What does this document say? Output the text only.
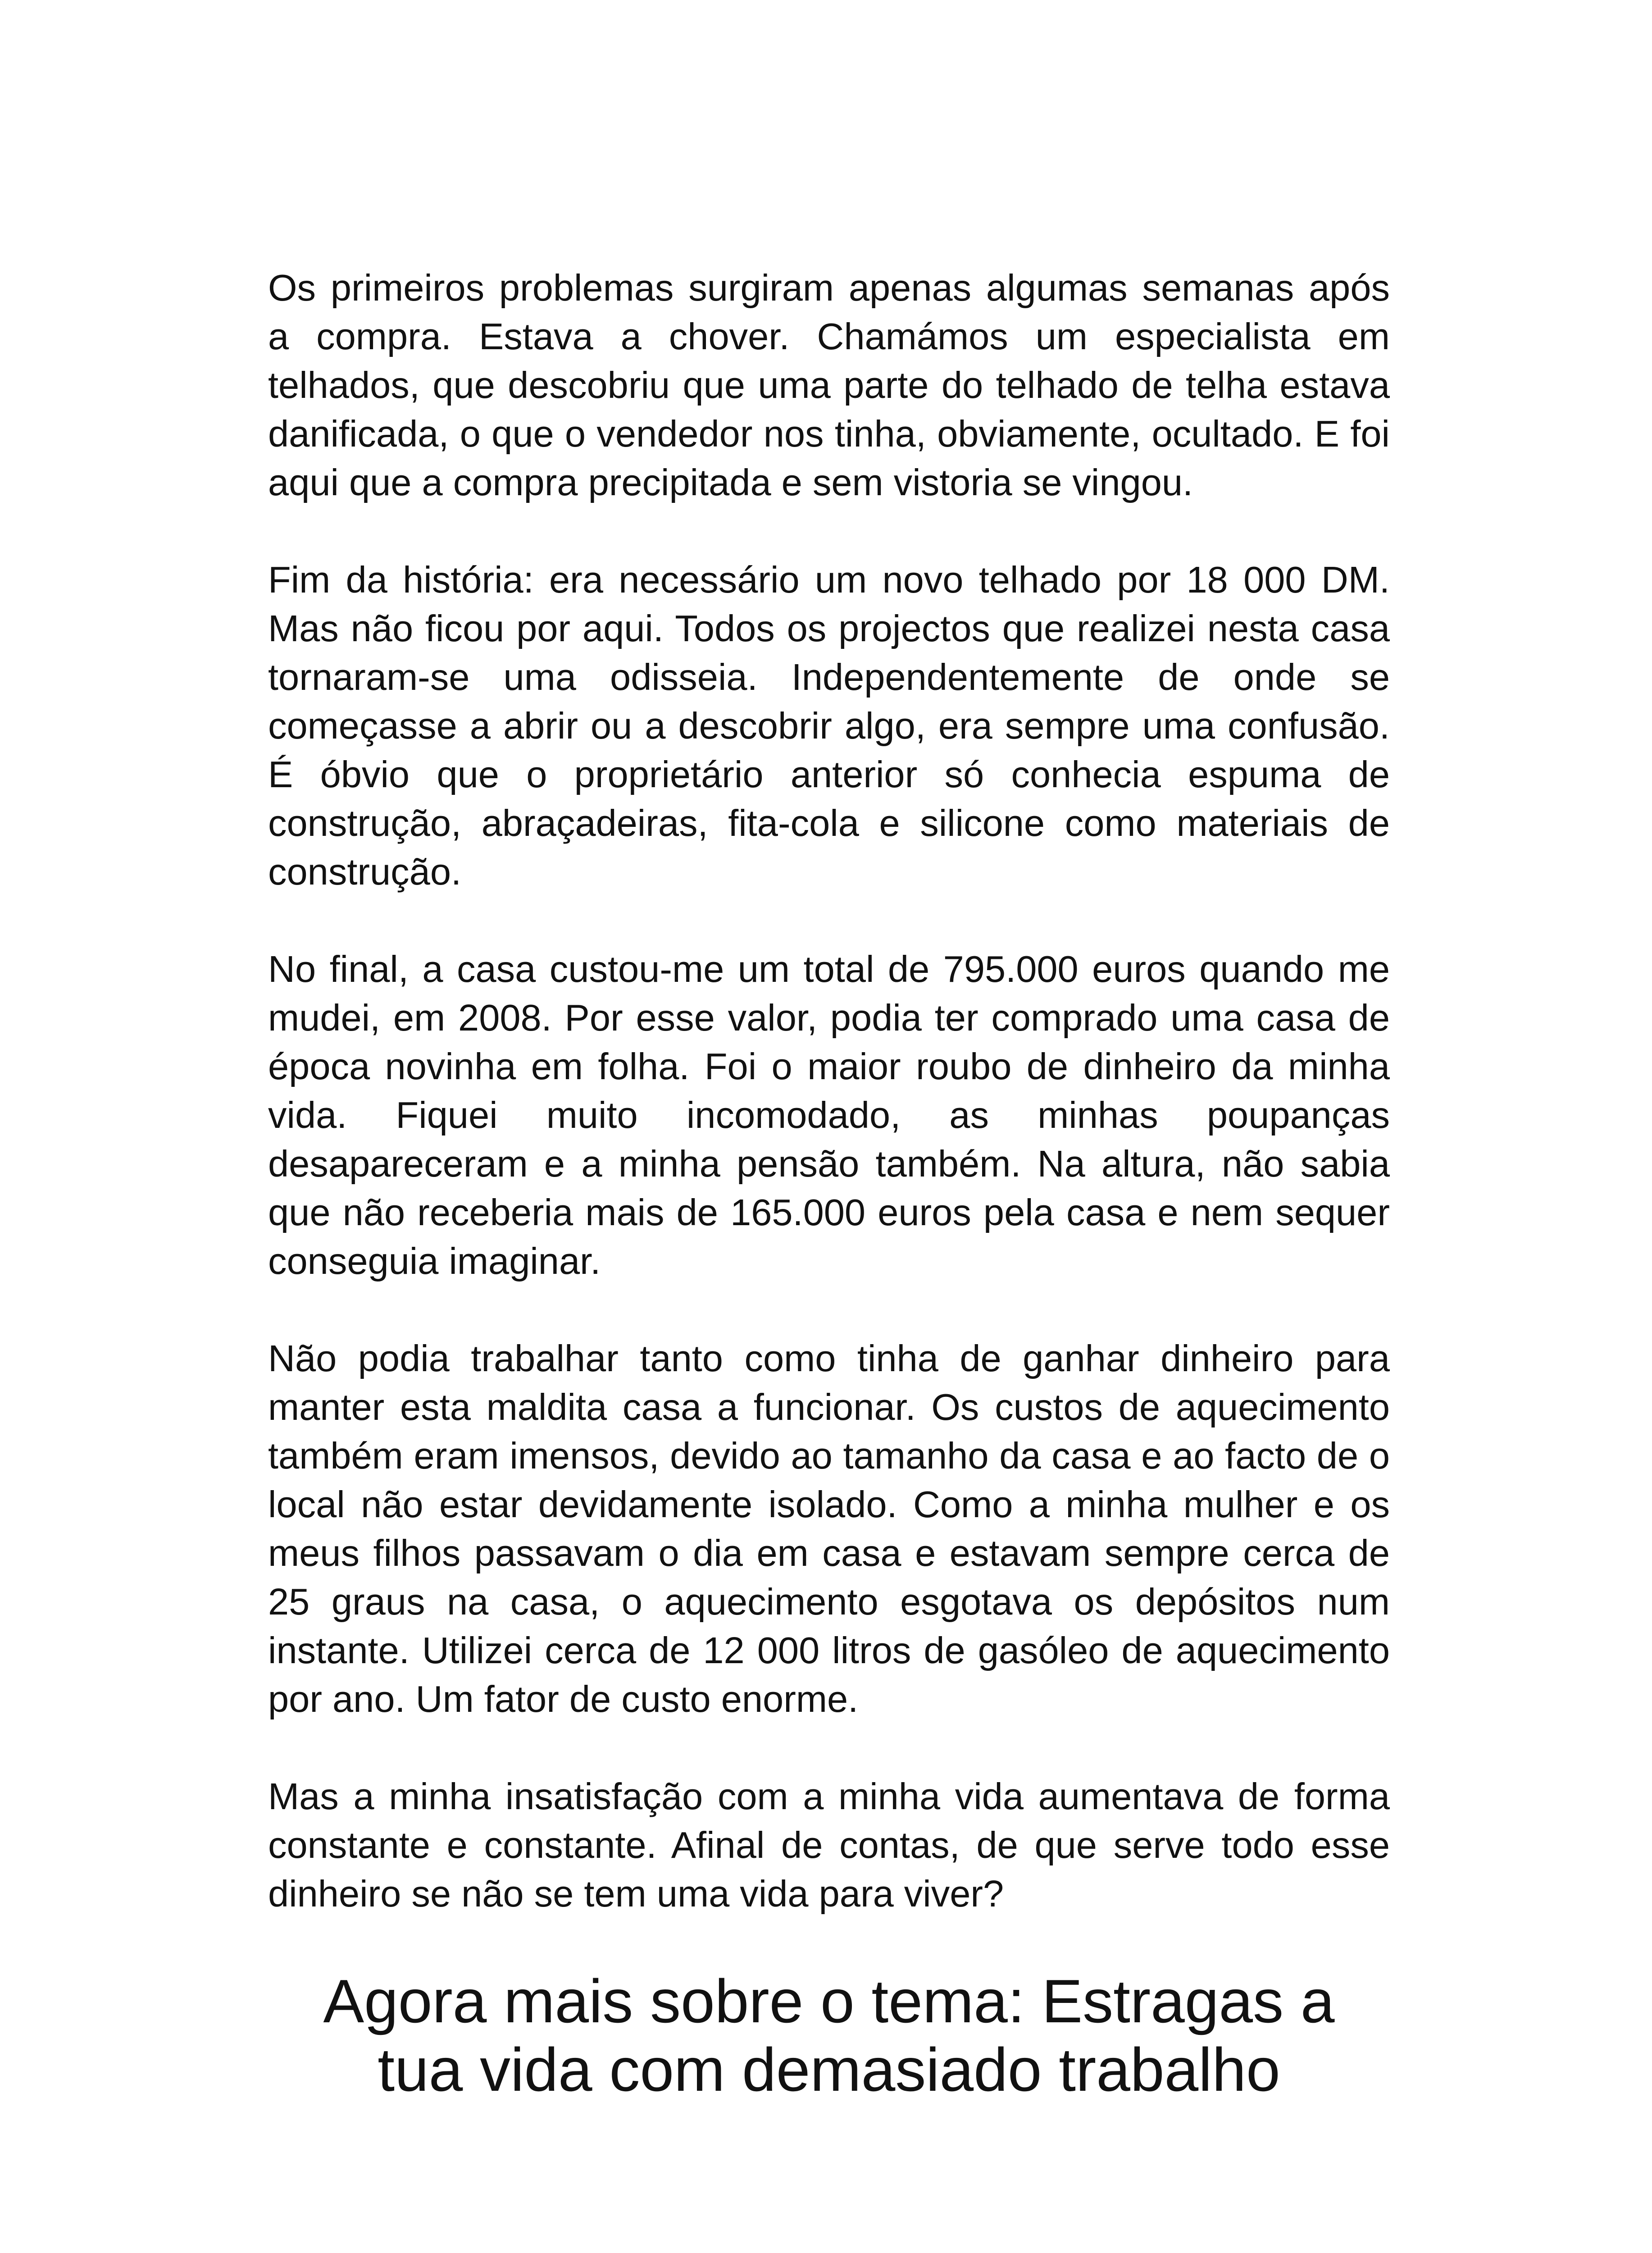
Os primeiros problemas surgiram apenas algumas semanas após a compra. Estava a chover. Chamámos um especialista em telhados, que descobriu que uma parte do telhado de telha estava danificada, o que o vendedor nos tinha, obviamente, ocultado. E foi aqui que a compra precipitada e sem vistoria se vingou.

Fim da história: era necessário um novo telhado por 18 000 DM. Mas não ficou por aqui. Todos os projectos que realizei nesta casa tornaram-se uma odisseia. Independentemente de onde se começasse a abrir ou a descobrir algo, era sempre uma confusão. É óbvio que o proprietário anterior só conhecia espuma de construção, abraçadeiras, fita-cola e silicone como materiais de construção.

No final, a casa custou-me um total de 795.000 euros quando me mudei, em 2008. Por esse valor, podia ter comprado uma casa de época novinha em folha. Foi o maior roubo de dinheiro da minha vida. Fiquei muito incomodado, as minhas poupanças desapareceram e a minha pensão também. Na altura, não sabia que não receberia mais de 165.000 euros pela casa e nem sequer conseguia imaginar.

Não podia trabalhar tanto como tinha de ganhar dinheiro para manter esta maldita casa a funcionar. Os custos de aquecimento também eram imensos, devido ao tamanho da casa e ao facto de o local não estar devidamente isolado. Como a minha mulher e os meus filhos passavam o dia em casa e estavam sempre cerca de 25 graus na casa, o aquecimento esgotava os depósitos num instante. Utilizei cerca de 12 000 litros de gasóleo de aquecimento por ano. Um fator de custo enorme.

Mas a minha insatisfação com a minha vida aumentava de forma constante e constante. Afinal de contas, de que serve todo esse dinheiro se não se tem uma vida para viver?

Agora mais sobre o tema: Estragas a tua vida com demasiado trabalho
